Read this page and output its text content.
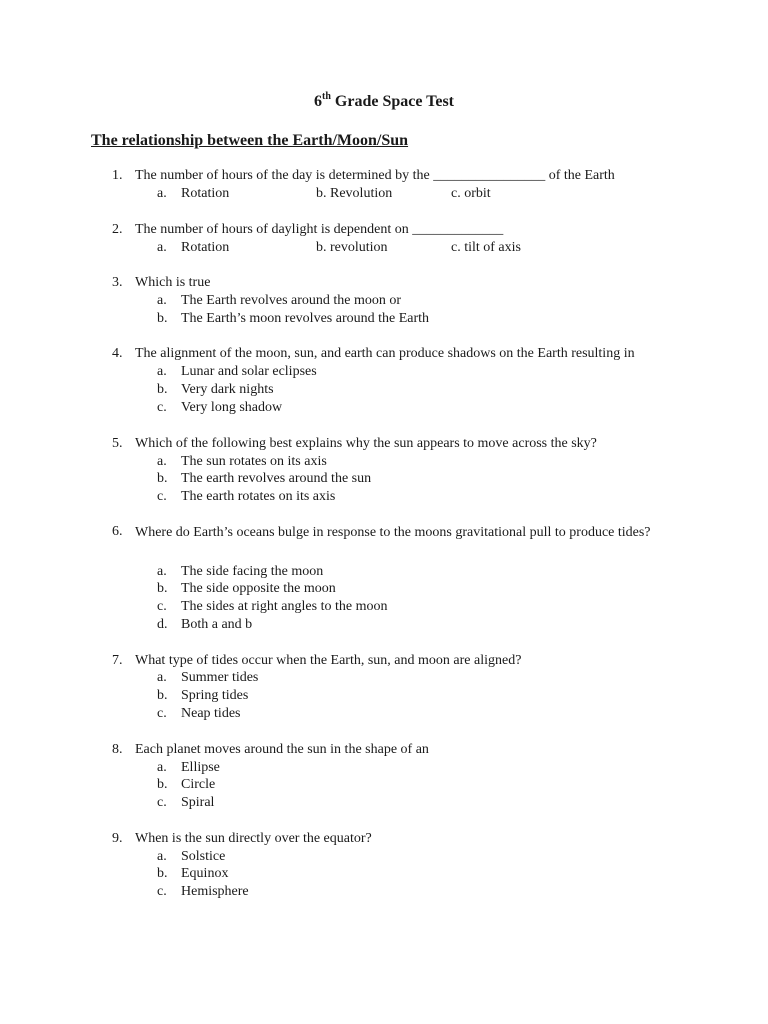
6th Grade Space Test
The relationship between the Earth/Moon/Sun
1. The number of hours of the day is determined by the ________________ of the Earth
a. Rotation	b. Revolution	c. orbit
2. The number of hours of daylight is dependent on _____________
a. Rotation	b. revolution	c. tilt of axis
3. Which is true
a. The Earth revolves around the moon or
b. The Earth’s moon revolves around the Earth
4. The alignment of the moon, sun, and earth can produce shadows on the Earth resulting in
a. Lunar and solar eclipses
b. Very dark nights
c. Very long shadow
5. Which of the following best explains why the sun appears to move across the sky?
a. The sun rotates on its axis
b. The earth revolves around the sun
c. The earth rotates on its axis
6. Where do Earth’s oceans bulge in response to the moons gravitational pull to produce tides?
a. The side facing the moon
b. The side opposite the moon
c. The sides at right angles to the moon
d. Both a and b
7. What type of tides occur when the Earth, sun, and moon are aligned?
a. Summer tides
b. Spring tides
c. Neap tides
8. Each planet moves around the sun in the shape of an
a. Ellipse
b. Circle
c. Spiral
9. When is the sun directly over the equator?
a. Solstice
b. Equinox
c. Hemisphere
